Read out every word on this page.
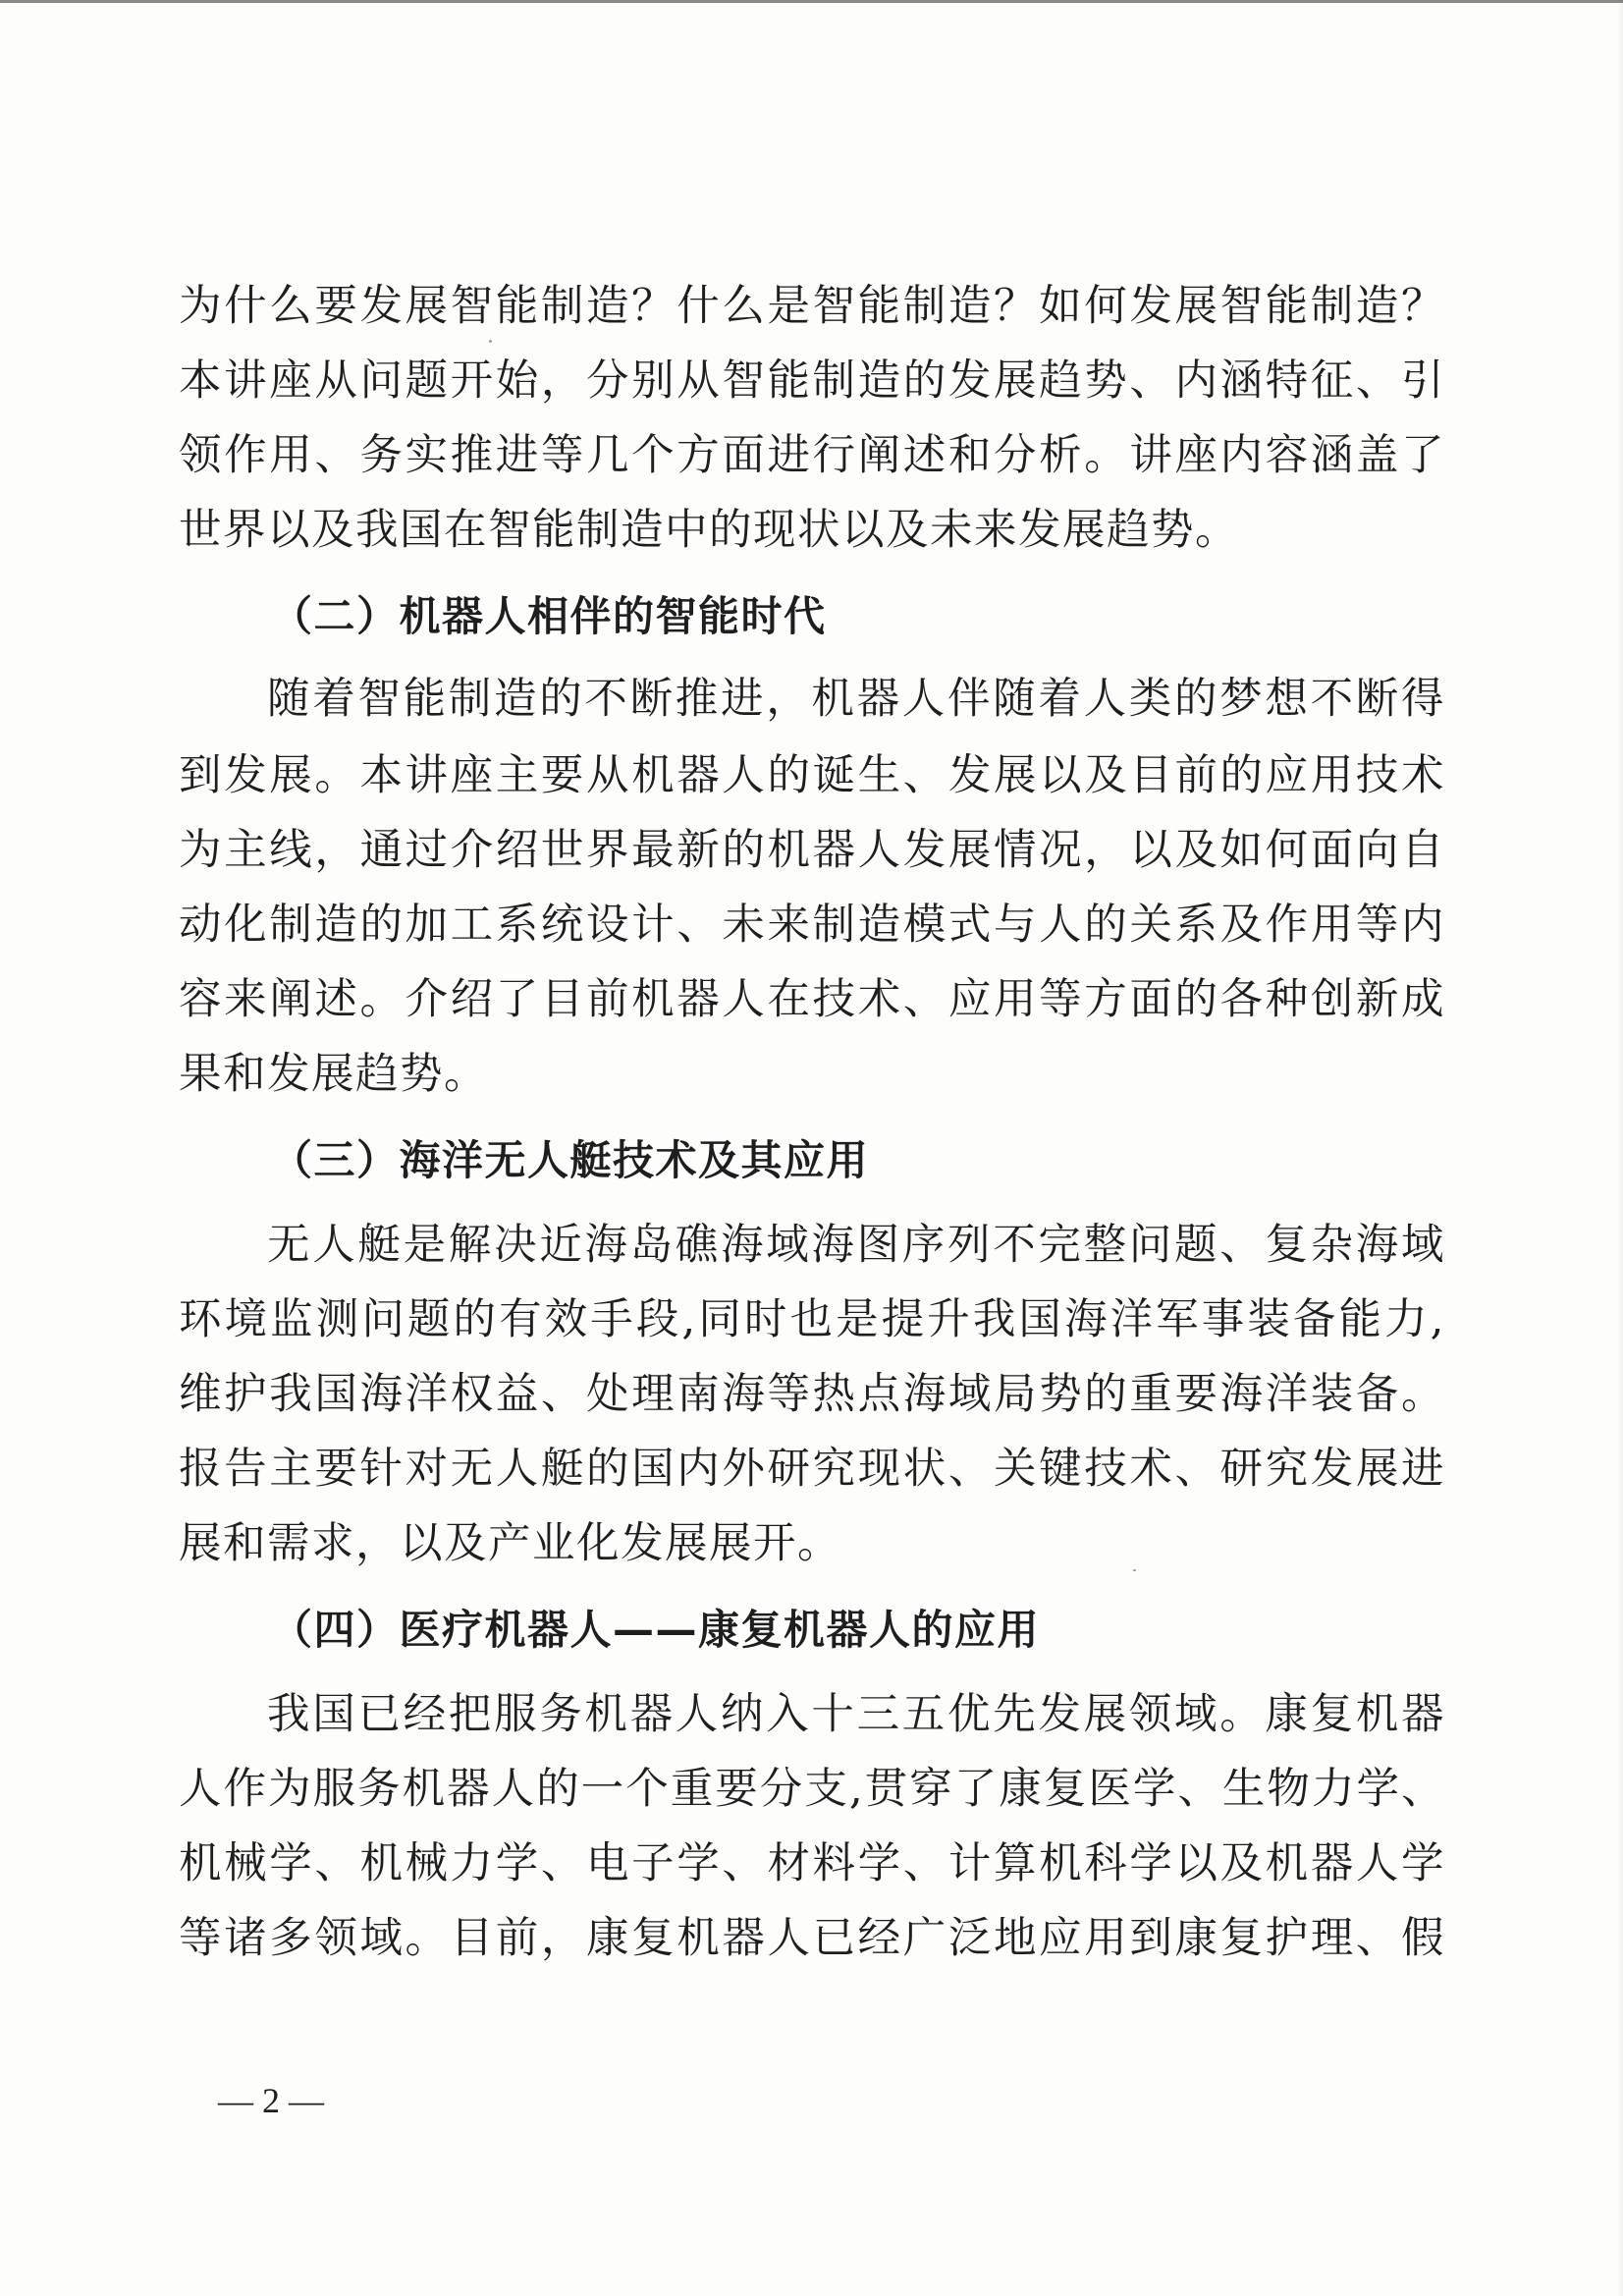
为什么要发展智能制造？什么是智能制造？如何发展智能制造？
本讲座从问题开始，分别从智能制造的发展趋势、内涵特征、引
领作用、务实推进等几个方面进行阐述和分析。讲座内容涵盖了
世界以及我国在智能制造中的现状以及未来发展趋势。
（二）机器人相伴的智能时代
随着智能制造的不断推进，机器人伴随着人类的梦想不断得
到发展。本讲座主要从机器人的诞生、发展以及目前的应用技术
为主线，通过介绍世界最新的机器人发展情况，以及如何面向自
动化制造的加工系统设计、未来制造模式与人的关系及作用等内
容来阐述。介绍了目前机器人在技术、应用等方面的各种创新成
果和发展趋势。
（三）海洋无人艇技术及其应用
无人艇是解决近海岛礁海域海图序列不完整问题、复杂海域
环境监测问题的有效手段,同时也是提升我国海洋军事装备能力,
维护我国海洋权益、处理南海等热点海域局势的重要海洋装备。
报告主要针对无人艇的国内外研究现状、关键技术、研究发展进
展和需求，以及产业化发展展开。
（四）医疗机器人——康复机器人的应用
我国已经把服务机器人纳入十三五优先发展领域。康复机器
人作为服务机器人的一个重要分支,贯穿了康复医学、生物力学、
机械学、机械力学、电子学、材料学、计算机科学以及机器人学
等诸多领域。目前，康复机器人已经广泛地应用到康复护理、假
— 2 —
